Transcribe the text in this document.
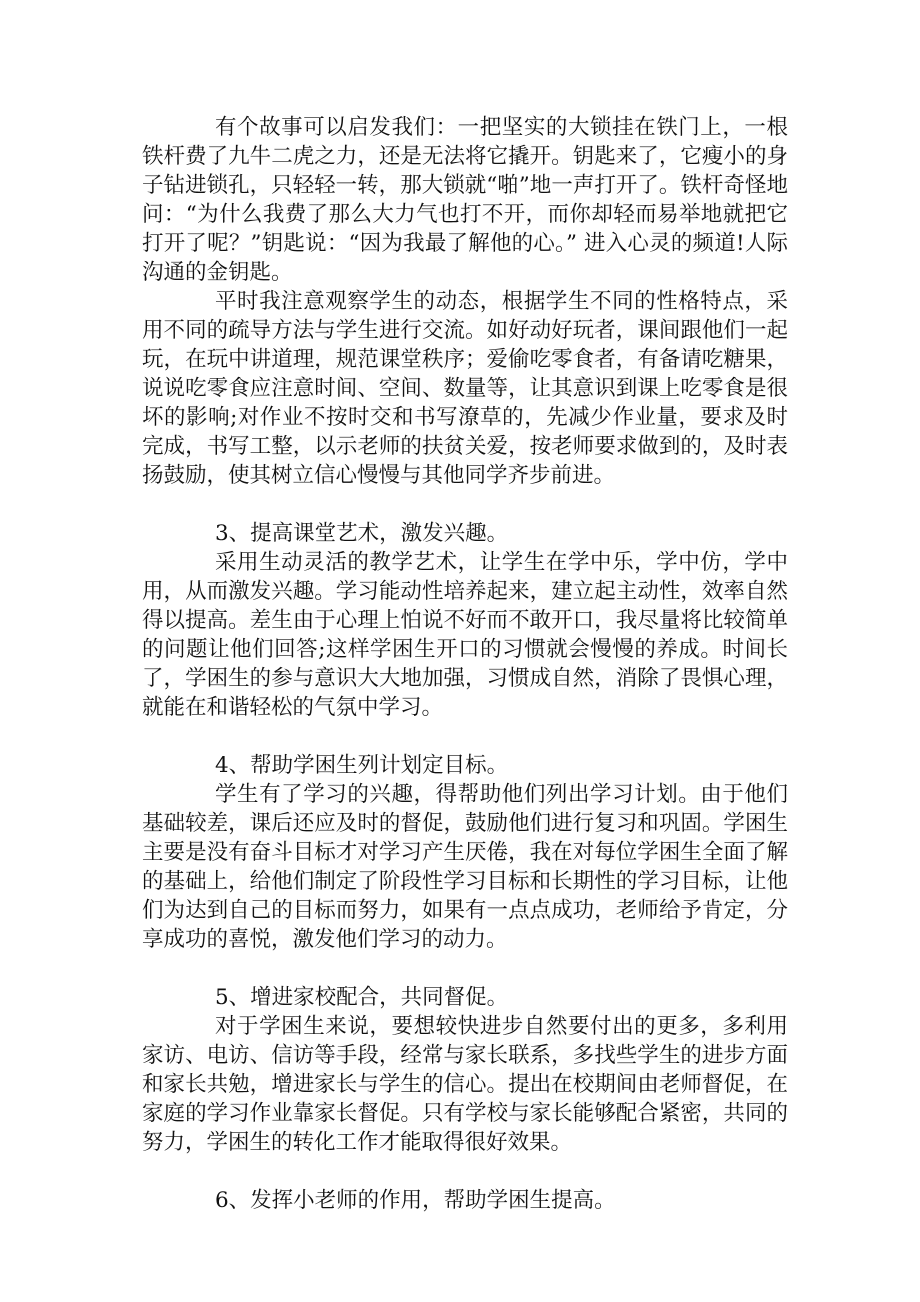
有个故事可以启发我们：一把坚实的大锁挂在铁门上，一根铁杆费了九牛二虎之力，还是无法将它撬开。钥匙来了，它瘦小的身子钻进锁孔，只轻轻一转，那大锁就“啪”地一声打开了。铁杆奇怪地问：“为什么我费了那么大力气也打不开，而你却轻而易举地就把它打开了呢？”钥匙说：“因为我最了解他的心。” 进入心灵的频道!人际沟通的金钥匙。

平时我注意观察学生的动态，根据学生不同的性格特点，采用不同的疏导方法与学生进行交流。如好动好玩者，课间跟他们一起玩，在玩中讲道理，规范课堂秩序；爱偷吃零食者，有备请吃糖果，说说吃零食应注意时间、空间、数量等，让其意识到课上吃零食是很坏的影响;对作业不按时交和书写潦草的，先减少作业量，要求及时完成，书写工整，以示老师的扶贫关爱，按老师要求做到的，及时表扬鼓励，使其树立信心慢慢与其他同学齐步前进。

3、提高课堂艺术，激发兴趣。

采用生动灵活的教学艺术，让学生在学中乐，学中仿，学中用，从而激发兴趣。学习能动性培养起来，建立起主动性，效率自然得以提高。差生由于心理上怕说不好而不敢开口，我尽量将比较简单的问题让他们回答;这样学困生开口的习惯就会慢慢的养成。时间长了，学困生的参与意识大大地加强，习惯成自然，消除了畏惧心理，就能在和谐轻松的气氛中学习。

4、帮助学困生列计划定目标。

学生有了学习的兴趣，得帮助他们列出学习计划。由于他们基础较差，课后还应及时的督促，鼓励他们进行复习和巩固。学困生主要是没有奋斗目标才对学习产生厌倦，我在对每位学困生全面了解的基础上，给他们制定了阶段性学习目标和长期性的学习目标，让他们为达到自己的目标而努力，如果有一点点成功，老师给予肯定，分享成功的喜悦，激发他们学习的动力。

5、增进家校配合，共同督促。

对于学困生来说，要想较快进步自然要付出的更多，多利用家访、电访、信访等手段，经常与家长联系，多找些学生的进步方面和家长共勉，增进家长与学生的信心。提出在校期间由老师督促，在家庭的学习作业靠家长督促。只有学校与家长能够配合紧密，共同的努力，学困生的转化工作才能取得很好效果。

6、发挥小老师的作用，帮助学困生提高。
